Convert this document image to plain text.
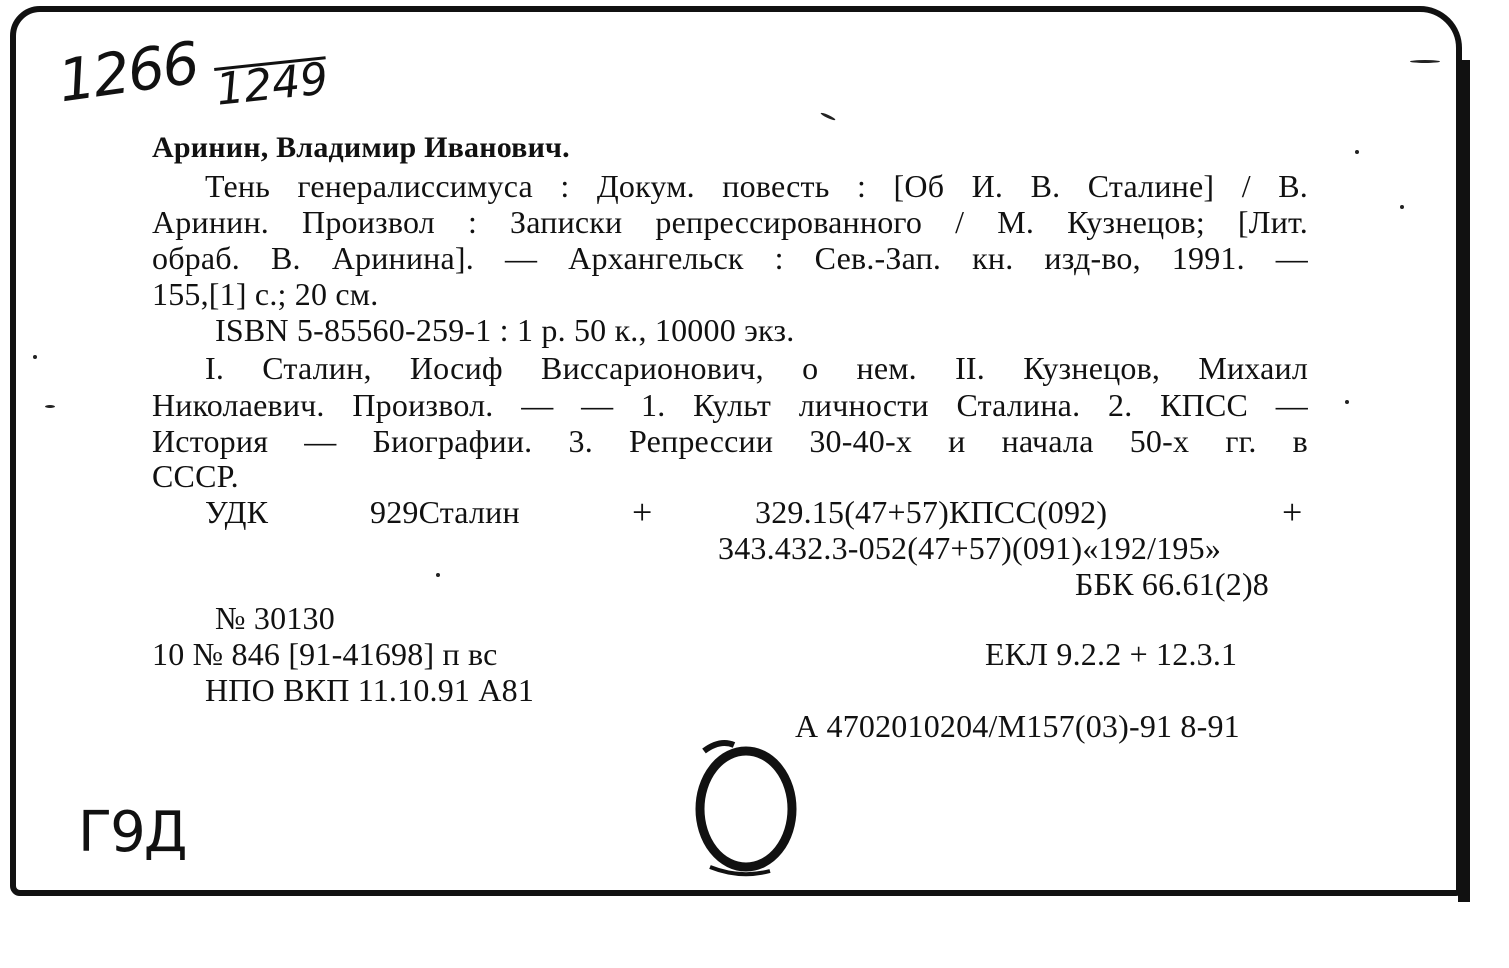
1266 1249
Г9Д
Аринин, Владимир Иванович.
Тень генералиссимуса : Докум. повесть : [Об И. В. Сталине] / В.
Аринин. Произвол : Записки репрессированного / М. Кузнецов; [Лит.
обраб. В. Аринина]. — Архангельск : Сев.-Зап. кн. изд-во, 1991. —
155,[1] с.; 20 см.
ISBN 5-85560-259-1 : 1 р. 50 к., 10000 экз.
I. Сталин, Иосиф Виссарионович, о нем. II. Кузнецов, Михаил
Николаевич. Произвол. — — 1. Культ личности Сталина. 2. КПСС —
История — Биографии. 3. Репрессии 30-40-х и начала 50-х гг. в
СССР.
УДК	929Сталин	+	329.15(47+57)КПСС(092)	+
343.432.3-052(47+57)(091)«192/195»
ББК 66.61(2)8
№ 30130
10 № 846 [91-41698] п вс	ЕКЛ 9.2.2 + 12.3.1
НПО ВКП 11.10.91 A81
А 4702010204/М157(03)-91 8-91
